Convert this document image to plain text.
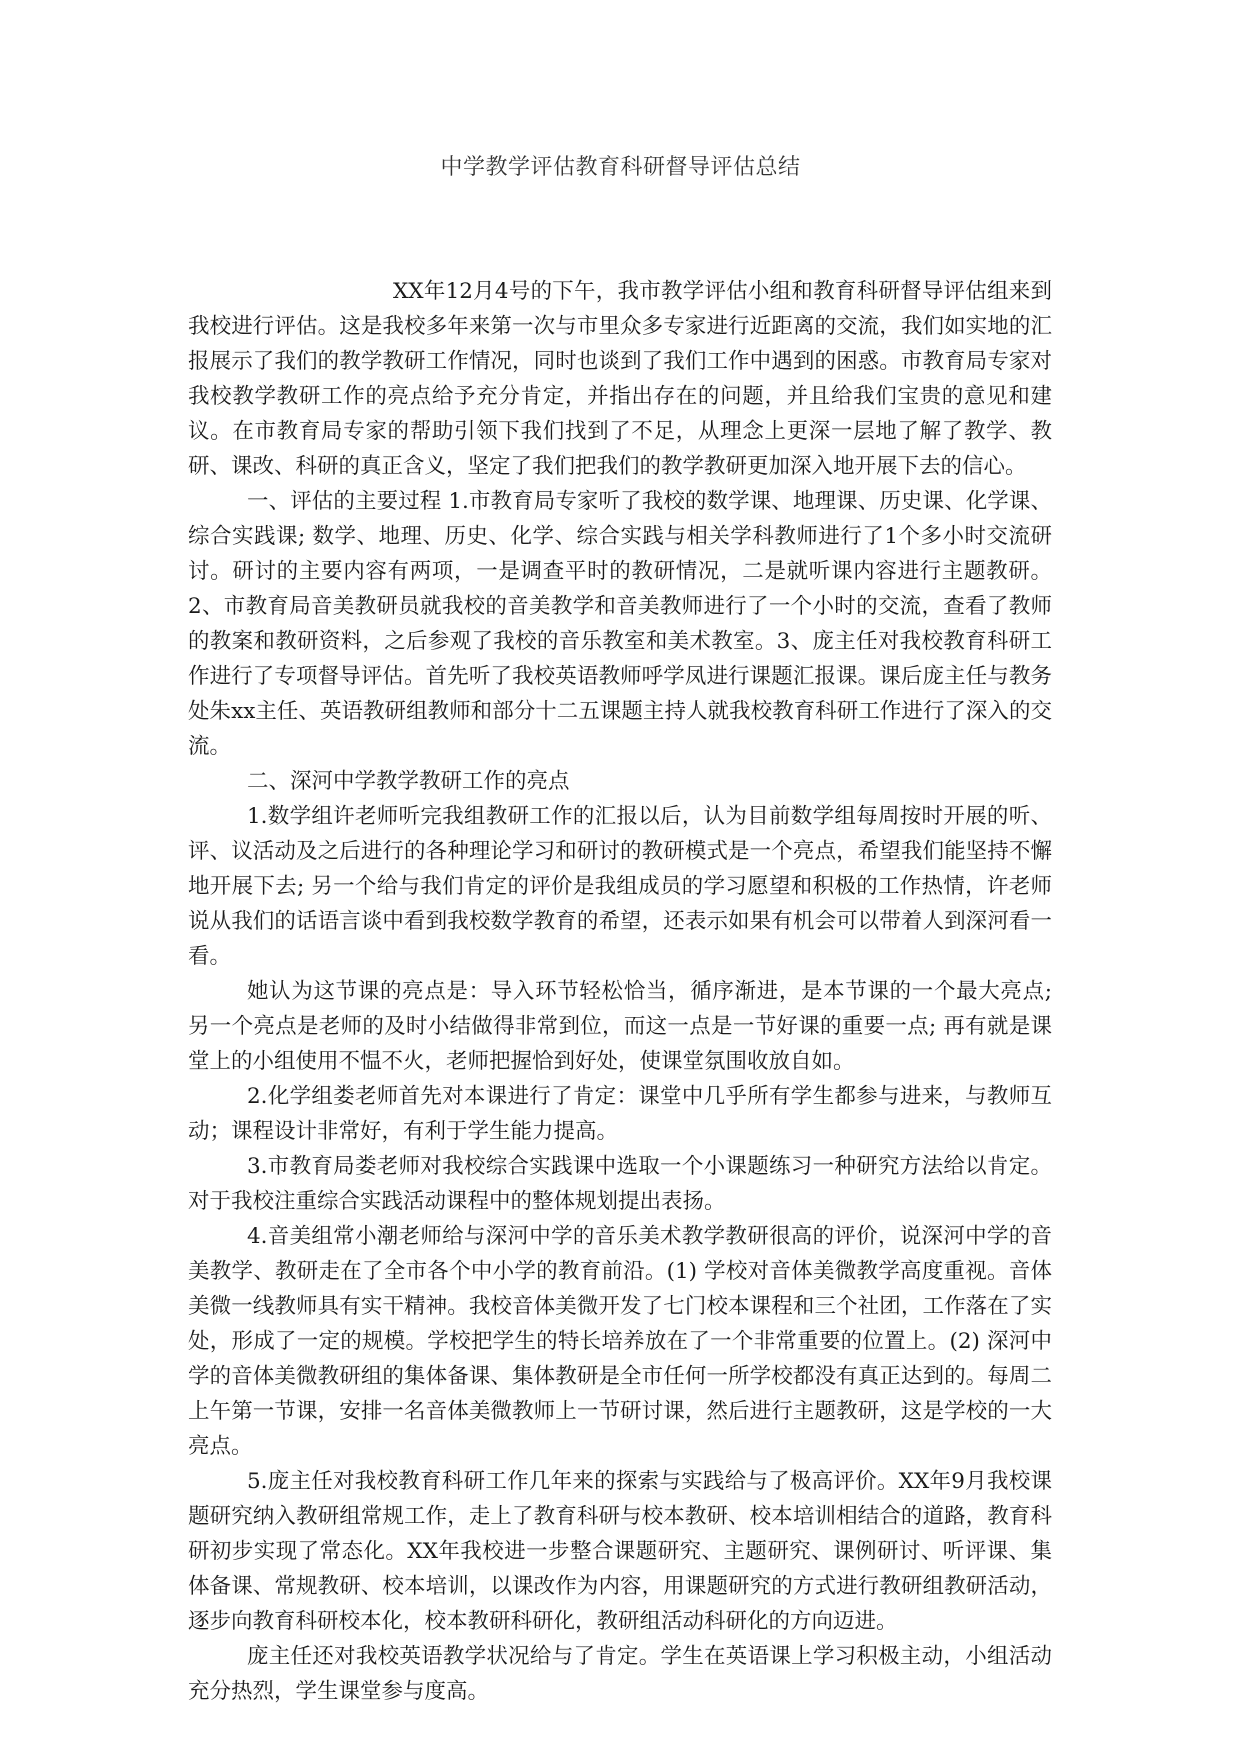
中学教学评估教育科研督导评估总结

XX年12月4号的下午，我市教学评估小组和教育科研督导评估组来到我校进行评估。这是我校多年来第一次与市里众多专家进行近距离的交流，我们如实地的汇报展示了我们的教学教研工作情况，同时也谈到了我们工作中遇到的困惑。市教育局专家对我校教学教研工作的亮点给予充分肯定，并指出存在的问题，并且给我们宝贵的意见和建议。在市教育局专家的帮助引领下我们找到了不足，从理念上更深一层地了解了教学、教研、课改、科研的真正含义，坚定了我们把我们的教学教研更加深入地开展下去的信心。

一、评估的主要过程 1.市教育局专家听了我校的数学课、地理课、历史课、化学课、综合实践课; 数学、地理、历史、化学、综合实践与相关学科教师进行了1个多小时交流研讨。研讨的主要内容有两项，一是调查平时的教研情况，二是就听课内容进行主题教研。2、市教育局音美教研员就我校的音美教学和音美教师进行了一个小时的交流，查看了教师的教案和教研资料，之后参观了我校的音乐教室和美术教室。3、庞主任对我校教育科研工作进行了专项督导评估。首先听了我校英语教师呼学凤进行课题汇报课。课后庞主任与教务处朱xx主任、英语教研组教师和部分十二五课题主持人就我校教育科研工作进行了深入的交流。

二、深河中学教学教研工作的亮点

1.数学组许老师听完我组教研工作的汇报以后，认为目前数学组每周按时开展的听、评、议活动及之后进行的各种理论学习和研讨的教研模式是一个亮点，希望我们能坚持不懈地开展下去; 另一个给与我们肯定的评价是我组成员的学习愿望和积极的工作热情，许老师说从我们的话语言谈中看到我校数学教育的希望，还表示如果有机会可以带着人到深河看一看。

她认为这节课的亮点是：导入环节轻松恰当，循序渐进，是本节课的一个最大亮点; 另一个亮点是老师的及时小结做得非常到位，而这一点是一节好课的重要一点; 再有就是课堂上的小组使用不愠不火，老师把握恰到好处，使课堂氛围收放自如。

2.化学组娄老师首先对本课进行了肯定：课堂中几乎所有学生都参与进来，与教师互动；课程设计非常好，有利于学生能力提高。

3.市教育局娄老师对我校综合实践课中选取一个小课题练习一种研究方法给以肯定。对于我校注重综合实践活动课程中的整体规划提出表扬。

4.音美组常小潮老师给与深河中学的音乐美术教学教研很高的评价，说深河中学的音美教学、教研走在了全市各个中小学的教育前沿。(1) 学校对音体美微教学高度重视。音体美微一线教师具有实干精神。我校音体美微开发了七门校本课程和三个社团，工作落在了实处，形成了一定的规模。学校把学生的特长培养放在了一个非常重要的位置上。(2) 深河中学的音体美微教研组的集体备课、集体教研是全市任何一所学校都没有真正达到的。每周二上午第一节课，安排一名音体美微教师上一节研讨课，然后进行主题教研，这是学校的一大亮点。

5.庞主任对我校教育科研工作几年来的探索与实践给与了极高评价。XX年9月我校课题研究纳入教研组常规工作，走上了教育科研与校本教研、校本培训相结合的道路，教育科研初步实现了常态化。XX年我校进一步整合课题研究、主题研究、课例研讨、听评课、集体备课、常规教研、校本培训，以课改作为内容，用课题研究的方式进行教研组教研活动，逐步向教育科研校本化，校本教研科研化，教研组活动科研化的方向迈进。

庞主任还对我校英语教学状况给与了肯定。学生在英语课上学习积极主动，小组活动充分热烈，学生课堂参与度高。
